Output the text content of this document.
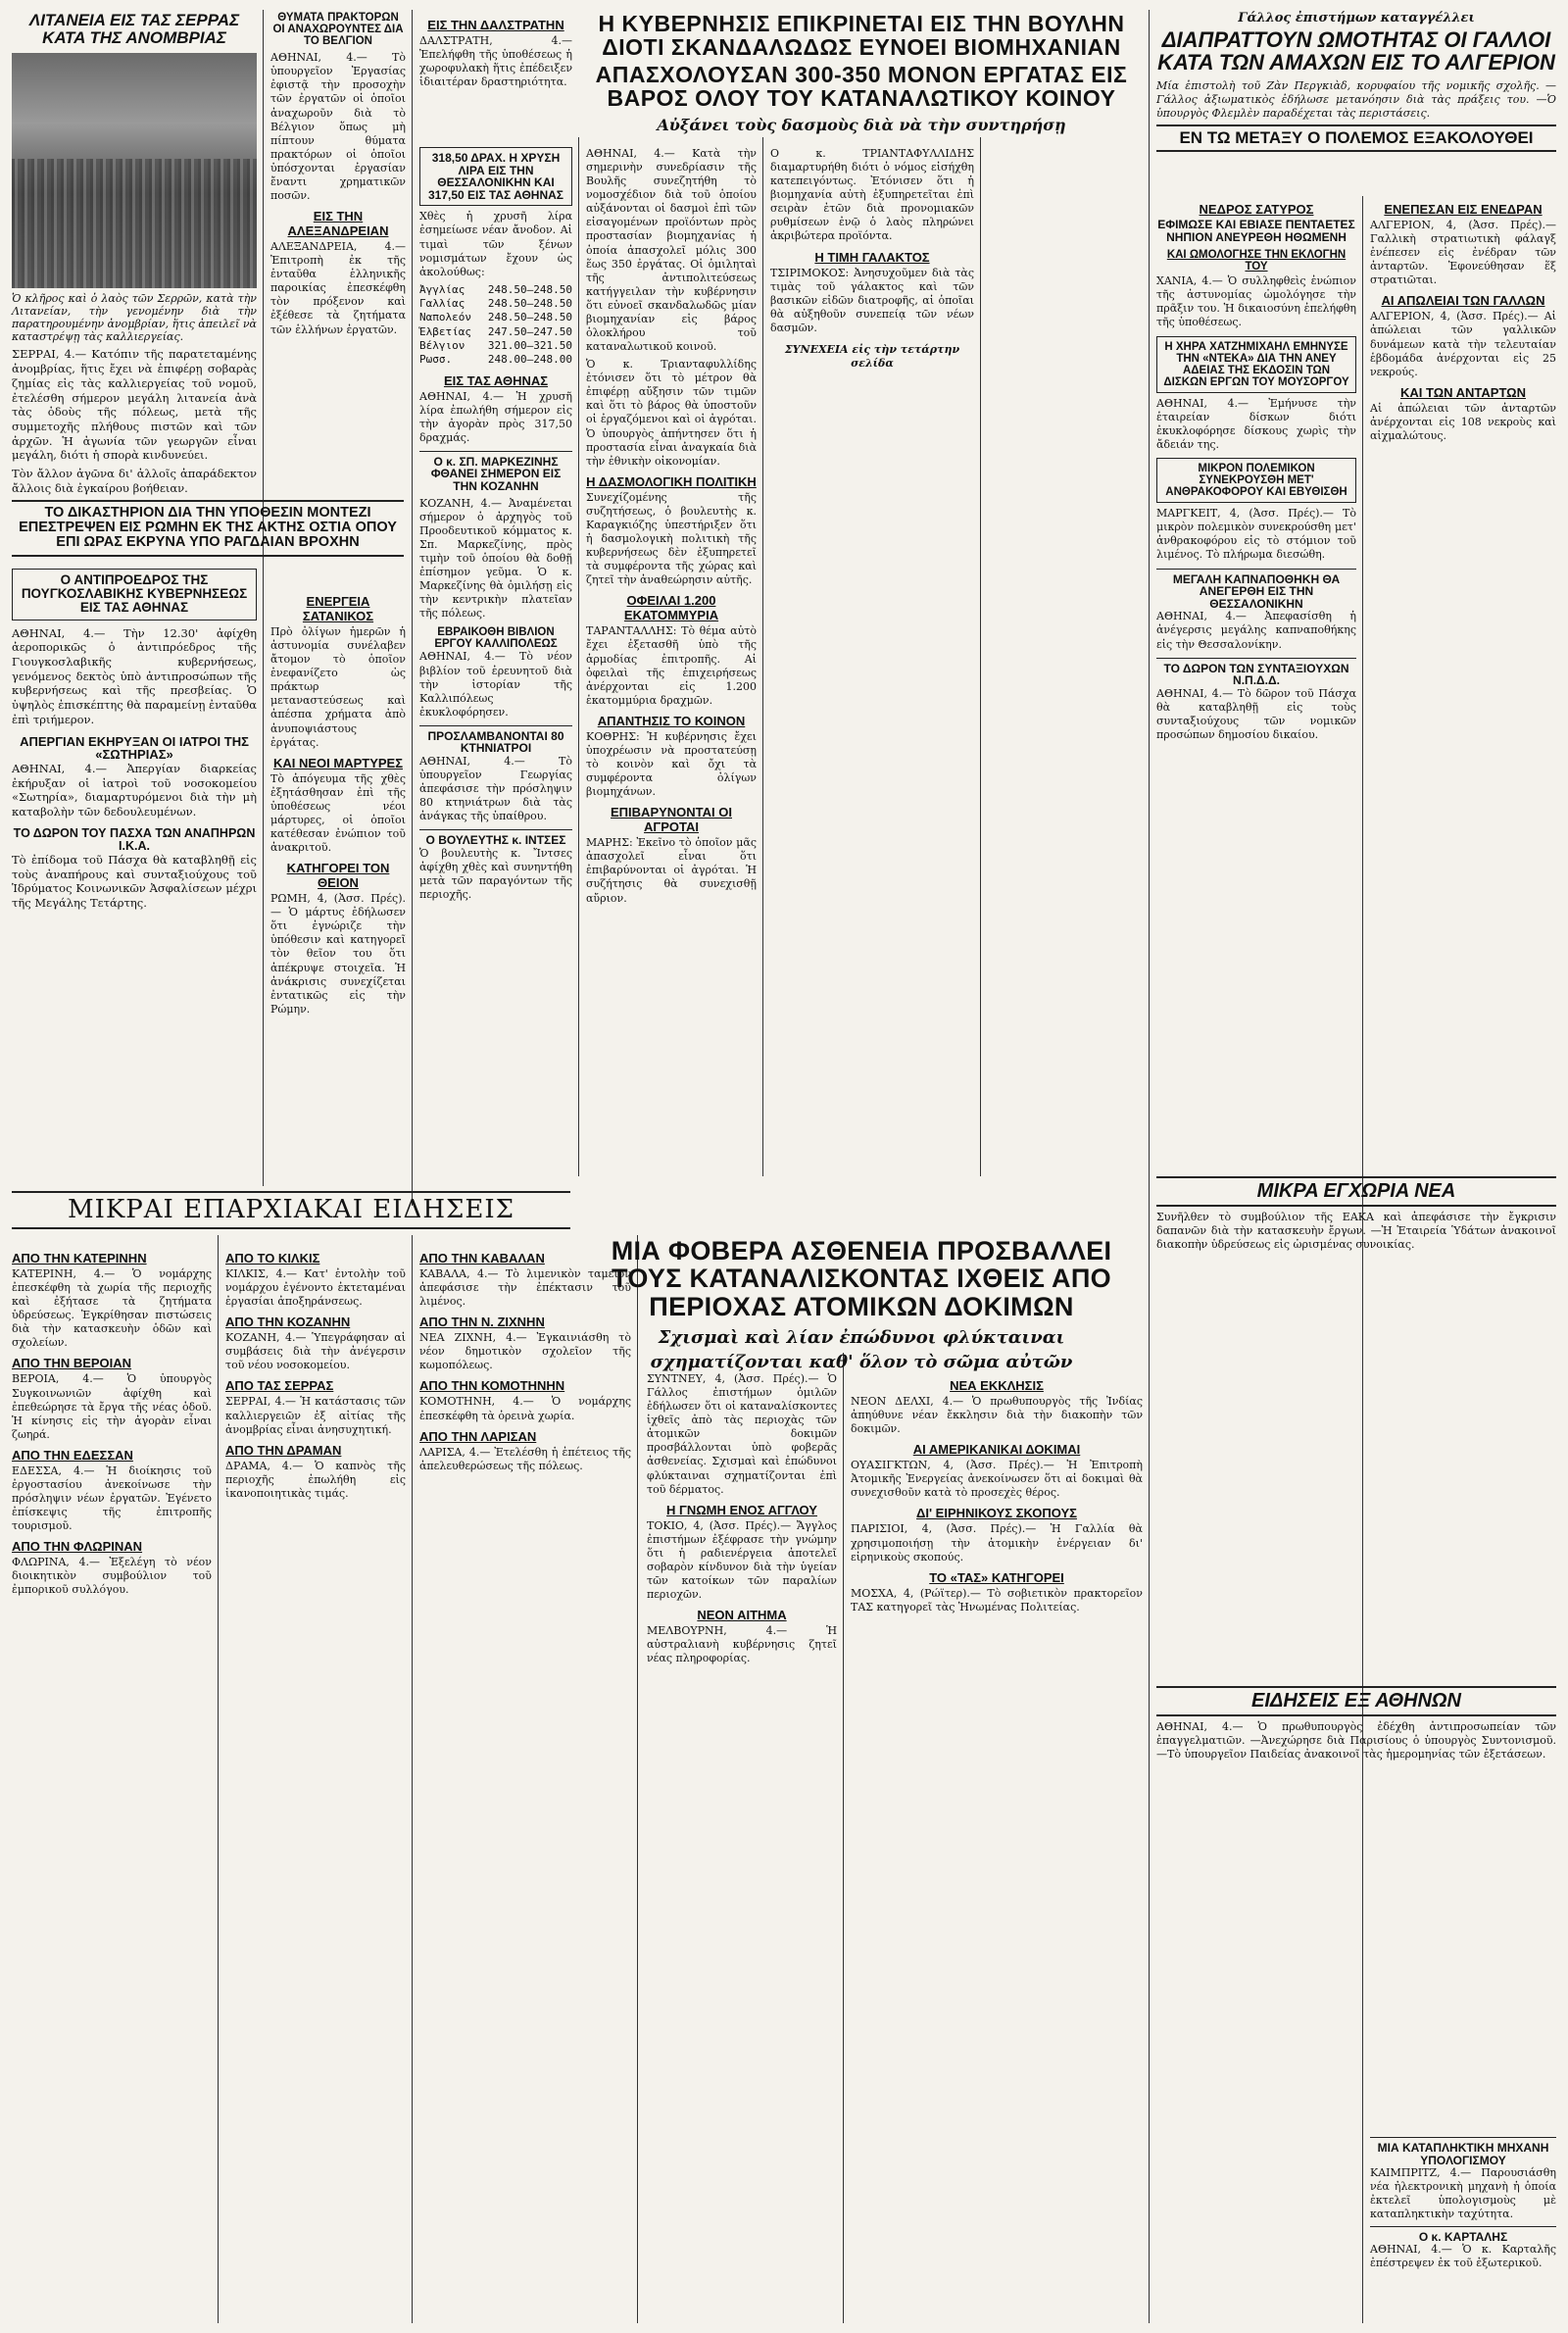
ΛΙΤΑΝΕΙΑ ΕΙΣ ΤΑΣ ΣΕΡΡΑΣ ΚΑΤΑ ΤΗΣ ΑΝΟΜΒΡΙΑΣ

Ὁ κλῆρος καὶ ὁ λαὸς τῶν Σερρῶν, κατὰ τὴν Λιτανείαν, τὴν γενομένην διὰ τὴν παρατηρουμένην ἀνομβρίαν, ἥτις ἀπειλεῖ νὰ καταστρέψῃ τὰς καλλιεργείας.

ΣΕΡΡΑΙ, 4.— Κατόπιν τῆς παρατεταμένης ἀνομβρίας, ἥτις ἔχει νὰ ἐπιφέρῃ σοβαρὰς ζημίας εἰς τὰς καλλιεργείας τοῦ νομοῦ, ἐτελέσθη σήμερον μεγάλη λιτανεία ἀνὰ τὰς ὁδοὺς τῆς πόλεως, μετὰ τῆς συμμετοχῆς πλήθους πιστῶν καὶ τῶν ἀρχῶν. Ἡ ἀγωνία τῶν γεωργῶν εἶναι μεγάλη, διότι ἡ σπορὰ κινδυνεύει.

Τὸν ἄλλον ἀγῶνα δι' ἀλλοῖς ἀπαράδεκτον ἄλλοις διὰ ἐγκαίρου βοήθειαν.

ΤΟ ΔΙΚΑΣΤΗΡΙΟΝ ΔΙΑ ΤΗΝ ΥΠΟΘΕΣΙΝ ΜΟΝΤΕΖΙ ΕΠΕΣΤΡΕΨΕΝ ΕΙΣ ΡΩΜΗΝ ΕΚ ΤΗΣ ΑΚΤΗΣ ΟΣΤΙΑ ΟΠΟΥ ΕΠΙ ΩΡΑΣ ΕΚΡΥΝΑ ΥΠΟ ΡΑΓΔΑΙΑΝ ΒΡΟΧΗΝ
Ο ΑΝΤΙΠΡΟΕΔΡΟΣ ΤΗΣ ΠΟΥΓΚΟΣΛΑΒΙΚΗΣ ΚΥΒΕΡΝΗΣΕΩΣ ΕΙΣ ΤΑΣ ΑΘΗΝΑΣ

ΑΘΗΝΑΙ, 4.— Τὴν 12.30' ἀφίχθη ἀεροπορικῶς ὁ ἀντιπρόεδρος τῆς Γιουγκοσλαβικῆς κυβερνήσεως, γενόμενος δεκτὸς ὑπὸ ἀντιπροσώπων τῆς κυβερνήσεως καὶ τῆς πρεσβείας. Ὁ ὑψηλὸς ἐπισκέπτης θὰ παραμείνῃ ἐνταῦθα ἐπὶ τριήμερον.

ΑΠΕΡΓΙΑΝ ΕΚΗΡΥΞΑΝ ΟΙ ΙΑΤΡΟΙ ΤΗΣ «ΣΩΤΗΡΙΑΣ»

ΑΘΗΝΑΙ, 4.— Ἀπεργίαν διαρκείας ἐκήρυξαν οἱ ἰατροὶ τοῦ νοσοκομείου «Σωτηρία», διαμαρτυρόμενοι διὰ τὴν μὴ καταβολὴν τῶν δεδουλευμένων.

ΤΟ ΔΩΡΟΝ ΤΟΥ ΠΑΣΧΑ ΤΩΝ ΑΝΑΠΗΡΩΝ Ι.Κ.Α.

Τὸ ἐπίδομα τοῦ Πάσχα θὰ καταβληθῇ εἰς τοὺς ἀναπήρους καὶ συνταξιούχους τοῦ Ἱδρύματος Κοινωνικῶν Ἀσφαλίσεων μέχρι τῆς Μεγάλης Τετάρτης.

ΘΥΜΑΤΑ ΠΡΑΚΤΟΡΩΝ ΟΙ ΑΝΑΧΩΡΟΥΝΤΕΣ ΔΙΑ ΤΟ ΒΕΛΓΙΟΝ

ΑΘΗΝΑΙ, 4.— Τὸ ὑπουργεῖον Ἐργασίας ἐφιστᾷ τὴν προσοχὴν τῶν ἐργατῶν οἱ ὁποῖοι ἀναχωροῦν διὰ τὸ Βέλγιον ὅπως μὴ πίπτουν θύματα πρακτόρων οἱ ὁποῖοι ὑπόσχονται ἐργασίαν ἔναντι χρηματικῶν ποσῶν.

ΕΙΣ ΤΗΝ ΑΛΕΞΑΝΔΡΕΙΑΝ

ΑΛΕΞΑΝΔΡΕΙΑ, 4.— Ἐπιτροπὴ ἐκ τῆς ἐνταῦθα ἑλληνικῆς παροικίας ἐπεσκέφθη τὸν πρόξενον καὶ ἐξέθεσε τὰ ζητήματα τῶν ἑλλήνων ἐργατῶν.

ΕΝΕΡΓΕΙΑ ΣΑΤΑΝΙΚΟΣ

Πρὸ ὀλίγων ἡμερῶν ἡ ἀστυνομία συνέλαβεν ἄτομον τὸ ὁποῖον ἐνεφανίζετο ὡς πράκτωρ μεταναστεύσεως καὶ ἀπέσπα χρήματα ἀπὸ ἀνυποψιάστους ἐργάτας.

ΚΑΙ ΝΕΟΙ ΜΑΡΤΥΡΕΣ

Τὸ ἀπόγευμα τῆς χθὲς ἐξητάσθησαν ἐπὶ τῆς ὑποθέσεως νέοι μάρτυρες, οἱ ὁποῖοι κατέθεσαν ἐνώπιον τοῦ ἀνακριτοῦ.

ΚΑΤΗΓΟΡΕΙ ΤΟΝ ΘΕΙΟΝ

ΡΩΜΗ, 4, (Ἀσσ. Πρές).— Ὁ μάρτυς ἐδήλωσεν ὅτι ἐγνώριζε τὴν ὑπόθεσιν καὶ κατηγορεῖ τὸν θεῖον του ὅτι ἀπέκρυψε στοιχεῖα. Ἡ ἀνάκρισις συνεχίζεται ἐντατικῶς εἰς τὴν Ρώμην.

ΕΙΣ ΤΗΝ ΔΑΛΣΤΡΑΤΗΝ

ΔΑΛΣΤΡΑΤΗ, 4.— Ἐπελήφθη τῆς ὑποθέσεως ἡ χωροφυλακὴ ἥτις ἐπέδειξεν ἰδιαιτέραν δραστηριότητα.

318,50 ΔΡΑΧ. Η ΧΡΥΣΗ ΛΙΡΑ ΕΙΣ ΤΗΝ ΘΕΣΣΑΛΟΝΙΚΗΝ ΚΑΙ 317,50 ΕΙΣ ΤΑΣ ΑΘΗΝΑΣ

Χθὲς ἡ χρυσῆ λίρα ἐσημείωσε νέαν ἄνοδον. Αἱ τιμαὶ τῶν ξένων νομισμάτων ἔχουν ὡς ἀκολούθως:

Ἀγγλίας 248.50—248.50
Γαλλίας 248.50—248.50
Ναπολεόν 248.50—248.50
Ἑλβετίας 247.50—247.50
Βέλγιον 321.00—321.50
Ρωσσ.	248.00—248.00

ΕΙΣ ΤΑΣ ΑΘΗΝΑΣ

ΑΘΗΝΑΙ, 4.— Ἡ χρυσῆ λίρα ἐπωλήθη σήμερον εἰς τὴν ἀγορὰν πρὸς 317,50 δραχμάς.

Ο κ. ΣΠ. ΜΑΡΚΕΖΙΝΗΣ ΦΘΑΝΕΙ ΣΗΜΕΡΟΝ ΕΙΣ ΤΗΝ ΚΟΖΑΝΗΝ

ΚΟΖΑΝΗ, 4.— Ἀναμένεται σήμερον ὁ ἀρχηγὸς τοῦ Προοδευτικοῦ κόμματος κ. Σπ. Μαρκεζίνης, πρὸς τιμὴν τοῦ ὁποίου θὰ δοθῇ ἐπίσημον γεῦμα. Ὁ κ. Μαρκεζίνης θὰ ὁμιλήσῃ εἰς τὴν κεντρικὴν πλατεῖαν τῆς πόλεως.

ΕΒΡΑΙΚΟΘΗ ΒΙΒΛΙΟΝ ΕΡΓΟΥ ΚΑΛΛΙΠΟΛΕΩΣ

ΑΘΗΝΑΙ, 4.— Τὸ νέον βιβλίον τοῦ ἐρευνητοῦ διὰ τὴν ἱστορίαν τῆς Καλλιπόλεως ἐκυκλοφόρησεν.

ΠΡΟΣΛΑΜΒΑΝΟΝΤΑΙ 80 ΚΤΗΝΙΑΤΡΟΙ

ΑΘΗΝΑΙ, 4.— Τὸ ὑπουργεῖον Γεωργίας ἀπεφάσισε τὴν πρόσληψιν 80 κτηνιάτρων διὰ τὰς ἀνάγκας τῆς ὑπαίθρου.

Ο ΒΟΥΛΕΥΤΗΣ κ. ΙΝΤΣΕΣ

Ὁ βουλευτὴς κ. Ἴντσες ἀφίχθη χθὲς καὶ συνηντήθη μετὰ τῶν παραγόντων τῆς περιοχῆς.

Η ΚΥΒΕΡΝΗΣΙΣ ΕΠΙΚΡΙΝΕΤΑΙ ΕΙΣ ΤΗΝ ΒΟΥΛΗΝ ΔΙΟΤΙ ΣΚΑΝΔΑΛΩΔΩΣ ΕΥΝΟΕΙ ΒΙΟΜΗΧΑΝΙΑΝ
ΑΠΑΣΧΟΛΟΥΣΑΝ 300-350 ΜΟΝΟΝ ΕΡΓΑΤΑΣ ΕΙΣ ΒΑΡΟΣ ΟΛΟΥ ΤΟΥ ΚΑΤΑΝΑΛΩΤΙΚΟΥ ΚΟΙΝΟΥ

Αὐξάνει τοὺς δασμοὺς διὰ νὰ τὴν συντηρήσῃ

ΑΘΗΝΑΙ, 4.— Κατὰ τὴν σημερινὴν συνεδρίασιν τῆς Βουλῆς συνεζητήθη τὸ νομοσχέδιον διὰ τοῦ ὁποίου αὐξάνονται οἱ δασμοὶ ἐπὶ τῶν εἰσαγομένων προϊόντων πρὸς προστασίαν βιομηχανίας ἡ ὁποία ἀπασχολεῖ μόλις 300 ἕως 350 ἐργάτας. Οἱ ὁμιληταὶ τῆς ἀντιπολιτεύσεως κατήγγειλαν τὴν κυβέρνησιν ὅτι εὐνοεῖ σκανδαλωδῶς μίαν βιομηχανίαν εἰς βάρος ὁλοκλήρου τοῦ καταναλωτικοῦ κοινοῦ.

Ὁ κ. Τριανταφυλλίδης ἐτόνισεν ὅτι τὸ μέτρον θὰ ἐπιφέρῃ αὔξησιν τῶν τιμῶν καὶ ὅτι τὸ βάρος θὰ ὑποστοῦν οἱ ἐργαζόμενοι καὶ οἱ ἀγρόται. Ὁ ὑπουργὸς ἀπήντησεν ὅτι ἡ προστασία εἶναι ἀναγκαία διὰ τὴν ἐθνικὴν οἰκονομίαν.

Η ΔΑΣΜΟΛΟΓΙΚΗ ΠΟΛΙΤΙΚΗ

Συνεχίζομένης τῆς συζητήσεως, ὁ βουλευτὴς κ. Καραγκιόζης ὑπεστήριξεν ὅτι ἡ δασμολογικὴ πολιτικὴ τῆς κυβερνήσεως δὲν ἐξυπηρετεῖ τὰ συμφέροντα τῆς χώρας καὶ ζητεῖ τὴν ἀναθεώρησιν αὐτῆς.

ΟΦΕΙΛΑΙ 1.200 ΕΚΑΤΟΜΜΥΡΙΑ

ΤΑΡΑΝΤΑΛΛΗΣ: Τὸ θέμα αὐτὸ ἔχει ἐξετασθῆ ὑπὸ τῆς ἁρμοδίας ἐπιτροπῆς. Αἱ ὀφειλαὶ τῆς ἐπιχειρήσεως ἀνέρχονται εἰς 1.200 ἑκατομμύρια δραχμῶν.

ΑΠΑΝΤΗΣΙΣ ΤΟ ΚΟΙΝΟΝ

ΚΟΘΡΗΣ: Ἡ κυβέρνησις ἔχει ὑποχρέωσιν νὰ προστατεύσῃ τὸ κοινὸν καὶ ὄχι τὰ συμφέροντα ὀλίγων βιομηχάνων.

ΕΠΙΒΑΡΥΝΟΝΤΑΙ ΟΙ ΑΓΡΟΤΑΙ

ΜΑΡΗΣ: Ἐκεῖνο τὸ ὁποῖον μᾶς ἀπασχολεῖ εἶναι ὅτι ἐπιβαρύνονται οἱ ἀγρόται. Ἡ συζήτησις θὰ συνεχισθῇ αὔριον.

Ο κ. ΤΡΙΑΝΤΑΦΥΛΛΙΔΗΣ διαμαρτυρήθη διότι ὁ νόμος εἰσήχθη κατεπειγόντως. Ἐτόνισεν ὅτι ἡ βιομηχανία αὐτὴ ἐξυπηρετεῖται ἐπὶ σειρὰν ἐτῶν διὰ προνομιακῶν ρυθμίσεων ἐνῷ ὁ λαὸς πληρώνει ἀκριβώτερα προϊόντα.

Η ΤΙΜΗ ΓΑΛΑΚΤΟΣ

ΤΣΙΡΙΜΟΚΟΣ: Ἀνησυχοῦμεν διὰ τὰς τιμὰς τοῦ γάλακτος καὶ τῶν βασικῶν εἰδῶν διατροφῆς, αἱ ὁποῖαι θὰ αὐξηθοῦν συνεπείᾳ τῶν νέων δασμῶν.

ΣΥΝΕΧΕΙΑ εἰς τὴν τετάρτην σελίδα

Γάλλος ἐπιστήμων καταγγέλλει

ΔΙΑΠΡΑΤΤΟΥΝ ΩΜΟΤΗΤΑΣ ΟΙ ΓΑΛΛΟΙ ΚΑΤΑ ΤΩΝ ΑΜΑΧΩΝ ΕΙΣ ΤΟ ΑΛΓΕΡΙΟΝ

Μία ἐπιστολὴ τοῦ Ζὰν Περγκιὰδ, κορυφαίου τῆς νομικῆς σχολῆς. —Γάλλος ἀξιωματικὸς ἐδήλωσε μετανόησιν διὰ τὰς πράξεις του. —Ὁ ὑπουργὸς Φλεμλὲν παραδέχεται τὰς περιστάσεις.

ΕΝ ΤΩ ΜΕΤΑΞΥ Ο ΠΟΛΕΜΟΣ ΕΞΑΚΟΛΟΥΘΕΙ

ΝΕΔΡΟΣ ΣΑΤΥΡΟΣ

ΕΦΙΜΩΣΕ ΚΑΙ ΕΒΙΑΣΕ ΠΕΝΤΑΕΤΕΣ ΝΗΠΙΟΝ ΑΝΕΥΡΕΘΗ ΗΘΩΜΕΝΗ

ΚΑΙ ΩΜΟΛΟΓΗΣΕ ΤΗΝ ΕΚΛΟΓΗΝ ΤΟΥ

ΧΑΝΙΑ, 4.— Ὁ συλληφθεὶς ἐνώπιον τῆς ἀστυνομίας ὡμολόγησε τὴν πρᾶξιν του. Ἡ δικαιοσύνη ἐπελήφθη τῆς ὑποθέσεως.

Η ΧΗΡΑ ΧΑΤΖΗΜΙΧΑΗΛ ΕΜΗΝΥΣΕ ΤΗΝ «ΝΤΕΚΑ» ΔΙΑ ΤΗΝ ΑΝΕΥ ΑΔΕΙΑΣ ΤΗΣ ΕΚΔΟΣΙΝ ΤΩΝ ΔΙΣΚΩΝ ΕΡΓΩΝ ΤΟΥ ΜΟΥΣΟΡΓΟΥ

ΑΘΗΝΑΙ, 4.— Ἐμήνυσε τὴν ἑταιρείαν δίσκων διότι ἐκυκλοφόρησε δίσκους χωρὶς τὴν ἄδειάν της.

ΜΙΚΡΟΝ ΠΟΛΕΜΙΚΟΝ ΣΥΝΕΚΡΟΥΣΘΗ ΜΕΤ' ΑΝΘΡΑΚΟΦΟΡΟΥ ΚΑΙ ΕΒΥΘΙΣΘΗ

ΜΑΡΓΚΕΙΤ, 4, (Ἀσσ. Πρές).— Τὸ μικρὸν πολεμικὸν συνεκρούσθη μετ' ἀνθρακοφόρου εἰς τὸ στόμιον τοῦ λιμένος. Τὸ πλήρωμα διεσώθη.

ΜΕΓΑΛΗ ΚΑΠΝΑΠΟΘΗΚΗ ΘΑ ΑΝΕΓΕΡΘΗ ΕΙΣ ΤΗΝ ΘΕΣΣΑΛΟΝΙΚΗΝ

ΑΘΗΝΑΙ, 4.— Ἀπεφασίσθη ἡ ἀνέγερσις μεγάλης καπναποθήκης εἰς τὴν Θεσσαλονίκην.

ΤΟ ΔΩΡΟΝ ΤΩΝ ΣΥΝΤΑΞΙΟΥΧΩΝ Ν.Π.Δ.Δ.

ΑΘΗΝΑΙ, 4.— Τὸ δῶρον τοῦ Πάσχα θὰ καταβληθῇ εἰς τοὺς συνταξιούχους τῶν νομικῶν προσώπων δημοσίου δικαίου.

ΕΝΕΠΕΣΑΝ ΕΙΣ ΕΝΕΔΡΑΝ

ΑΛΓΕΡΙΟΝ, 4, (Ἀσσ. Πρές).— Γαλλικὴ στρατιωτικὴ φάλαγξ ἐνέπεσεν εἰς ἐνέδραν τῶν ἀνταρτῶν. Ἐφονεύθησαν ἕξ στρατιῶται.

ΑΙ ΑΠΩΛΕΙΑΙ ΤΩΝ ΓΑΛΛΩΝ

ΑΛΓΕΡΙΟΝ, 4, (Ἀσσ. Πρές).— Αἱ ἀπώλειαι τῶν γαλλικῶν δυνάμεων κατὰ τὴν τελευταίαν ἑβδομάδα ἀνέρχονται εἰς 25 νεκρούς.

ΚΑΙ ΤΩΝ ΑΝΤΑΡΤΩΝ

Αἱ ἀπώλειαι τῶν ἀνταρτῶν ἀνέρχονται εἰς 108 νεκροὺς καὶ αἰχμαλώτους.

ΜΙΚΡΑ ΕΓΧΩΡΙΑ ΝΕΑ

Συνῆλθεν τὸ συμβούλιον τῆς ΕΑΚΑ καὶ ἀπεφάσισε τὴν ἔγκρισιν δαπανῶν διὰ τὴν κατασκευὴν ἔργων. —Ἡ Ἑταιρεία Ὑδάτων ἀνακοινοῖ διακοπὴν ὑδρεύσεως εἰς ὡρισμένας συνοικίας.

ΕΙΔΗΣΕΙΣ ΕΞ ΑΘΗΝΩΝ

ΑΘΗΝΑΙ, 4.— Ὁ πρωθυπουργὸς ἐδέχθη ἀντιπροσωπείαν τῶν ἐπαγγελματιῶν. —Ἀνεχώρησε διὰ Παρισίους ὁ ὑπουργὸς Συντονισμοῦ. —Τὸ ὑπουργεῖον Παιδείας ἀνακοινοῖ τὰς ἡμερομηνίας τῶν ἐξετάσεων.

ΜΙΑ ΚΑΤΑΠΛΗΚΤΙΚΗ ΜΗΧΑΝΗ ΥΠΟΛΟΓΙΣΜΟΥ

ΚΑΙΜΠΡΙΤΖ, 4.— Παρουσιάσθη νέα ἠλεκτρονικὴ μηχανὴ ἡ ὁποία ἐκτελεῖ ὑπολογισμοὺς μὲ καταπληκτικὴν ταχύτητα.

Ο κ. ΚΑΡΤΑΛΗΣ

ΑΘΗΝΑΙ, 4.— Ὁ κ. Καρταλῆς ἐπέστρεψεν ἐκ τοῦ ἐξωτερικοῦ.

ΜΙΑ ΦΟΒΕΡΑ ΑΣΘΕΝΕΙΑ ΠΡΟΣΒΑΛΛΕΙ ΤΟΥΣ ΚΑΤΑΝΑΛΙΣΚΟΝΤΑΣ ΙΧΘΕΙΣ ΑΠΟ ΠΕΡΙΟΧΑΣ ΑΤΟΜΙΚΩΝ ΔΟΚΙΜΩΝ

Σχισμαὶ καὶ λίαν ἐπώδυνοι φλύκταιναι

σχηματίζονται καθ' ὅλον τὸ σῶμα αὐτῶν

ΣΥΝΤΝΕΥ, 4, (Ἀσσ. Πρές).— Ὁ Γάλλος ἐπιστήμων ὁμιλῶν ἐδήλωσεν ὅτι οἱ καταναλίσκοντες ἰχθεῖς ἀπὸ τὰς περιοχὰς τῶν ἀτομικῶν δοκιμῶν προσβάλλονται ὑπὸ φοβερᾶς ἀσθενείας. Σχισμαὶ καὶ ἐπώδυνοι φλύκταιναι σχηματίζονται ἐπὶ τοῦ δέρματος.

Η ΓΝΩΜΗ ΕΝΟΣ ΑΓΓΛΟΥ

ΤΟΚΙΟ, 4, (Ἀσσ. Πρές).— Ἄγγλος ἐπιστήμων ἐξέφρασε τὴν γνώμην ὅτι ἡ ραδιενέργεια ἀποτελεῖ σοβαρὸν κίνδυνον διὰ τὴν ὑγείαν τῶν κατοίκων τῶν παραλίων περιοχῶν.

ΝΕΟΝ ΑΙΤΗΜΑ

ΜΕΛΒΟΥΡΝΗ, 4.— Ἡ αὐστραλιανὴ κυβέρνησις ζητεῖ νέας πληροφορίας.

ΝΕΑ ΕΚΚΛΗΣΙΣ

ΝΕΟΝ ΔΕΛΧΙ, 4.— Ὁ πρωθυπουργὸς τῆς Ἰνδίας ἀπηύθυνε νέαν ἔκκλησιν διὰ τὴν διακοπὴν τῶν δοκιμῶν.

ΑΙ ΑΜΕΡΙΚΑΝΙΚΑΙ ΔΟΚΙΜΑΙ

ΟΥΑΣΙΓΚΤΩΝ, 4, (Ἀσσ. Πρές).— Ἡ Ἐπιτροπὴ Ἀτομικῆς Ἐνεργείας ἀνεκοίνωσεν ὅτι αἱ δοκιμαὶ θὰ συνεχισθοῦν κατὰ τὸ προσεχὲς θέρος.

ΔΙ' ΕΙΡΗΝΙΚΟΥΣ ΣΚΟΠΟΥΣ

ΠΑΡΙΣΙΟΙ, 4, (Ἀσσ. Πρές).— Ἡ Γαλλία θὰ χρησιμοποιήσῃ τὴν ἀτομικὴν ἐνέργειαν δι' εἰρηνικοὺς σκοπούς.

ΤΟ «ΤΑΣ» ΚΑΤΗΓΟΡΕΙ

ΜΟΣΧΑ, 4, (Ρώϊτερ).— Τὸ σοβιετικὸν πρακτορεῖον ΤΑΣ κατηγορεῖ τὰς Ἡνωμένας Πολιτείας.

ΜΙΚΡΑΙ ΕΠΑΡΧΙΑΚΑΙ ΕΙΔΗΣΕΙΣ

ΑΠΟ ΤΗΝ ΚΑΤΕΡΙΝΗΝ

ΚΑΤΕΡΙΝΗ, 4.— Ὁ νομάρχης ἐπεσκέφθη τὰ χωρία τῆς περιοχῆς καὶ ἐξήτασε τὰ ζητήματα ὑδρεύσεως. Ἐγκρίθησαν πιστώσεις διὰ τὴν κατασκευὴν ὁδῶν καὶ σχολείων.

ΑΠΟ ΤΗΝ ΒΕΡΟΙΑΝ

ΒΕΡΟΙΑ, 4.— Ὁ ὑπουργὸς Συγκοινωνιῶν ἀφίχθη καὶ ἐπεθεώρησε τὰ ἔργα τῆς νέας ὁδοῦ. Ἡ κίνησις εἰς τὴν ἀγορὰν εἶναι ζωηρά.

ΑΠΟ ΤΗΝ ΕΔΕΣΣΑΝ

ΕΔΕΣΣΑ, 4.— Ἡ διοίκησις τοῦ ἐργοστασίου ἀνεκοίνωσε τὴν πρόσληψιν νέων ἐργατῶν. Ἐγένετο ἐπίσκεψις τῆς ἐπιτροπῆς τουρισμοῦ.

ΑΠΟ ΤΗΝ ΦΛΩΡΙΝΑΝ

ΦΛΩΡΙΝΑ, 4.— Ἐξελέγη τὸ νέον διοικητικὸν συμβούλιον τοῦ ἐμπορικοῦ συλλόγου.

ΑΠΟ ΤΟ ΚΙΛΚΙΣ

ΚΙΛΚΙΣ, 4.— Κατ' ἐντολὴν τοῦ νομάρχου ἐγένοντο ἐκτεταμέναι ἐργασίαι ἀποξηράνσεως.

ΑΠΟ ΤΗΝ ΚΟΖΑΝΗΝ

ΚΟΖΑΝΗ, 4.— Ὑπεγράφησαν αἱ συμβάσεις διὰ τὴν ἀνέγερσιν τοῦ νέου νοσοκομείου.

ΑΠΟ ΤΑΣ ΣΕΡΡΑΣ

ΣΕΡΡΑΙ, 4.— Ἡ κατάστασις τῶν καλλιεργειῶν ἐξ αἰτίας τῆς ἀνομβρίας εἶναι ἀνησυχητική.

ΑΠΟ ΤΗΝ ΔΡΑΜΑΝ

ΔΡΑΜΑ, 4.— Ὁ καπνὸς τῆς περιοχῆς ἐπωλήθη εἰς ἱκανοποιητικὰς τιμάς.

ΑΠΟ ΤΗΝ ΚΑΒΑΛΑΝ

ΚΑΒΑΛΑ, 4.— Τὸ λιμενικὸν ταμεῖον ἀπεφάσισε τὴν ἐπέκτασιν τοῦ λιμένος.

ΑΠΟ ΤΗΝ Ν. ΖΙΧΝΗΝ

ΝΕΑ ΖΙΧΝΗ, 4.— Ἐγκαινιάσθη τὸ νέον δημοτικὸν σχολεῖον τῆς κωμοπόλεως.

ΑΠΟ ΤΗΝ ΚΟΜΟΤΗΝΗΝ

ΚΟΜΟΤΗΝΗ, 4.— Ὁ νομάρχης ἐπεσκέφθη τὰ ὀρεινὰ χωρία.

ΑΠΟ ΤΗΝ ΛΑΡΙΣΑΝ

ΛΑΡΙΣΑ, 4.— Ἐτελέσθη ἡ ἐπέτειος τῆς ἀπελευθερώσεως τῆς πόλεως.
